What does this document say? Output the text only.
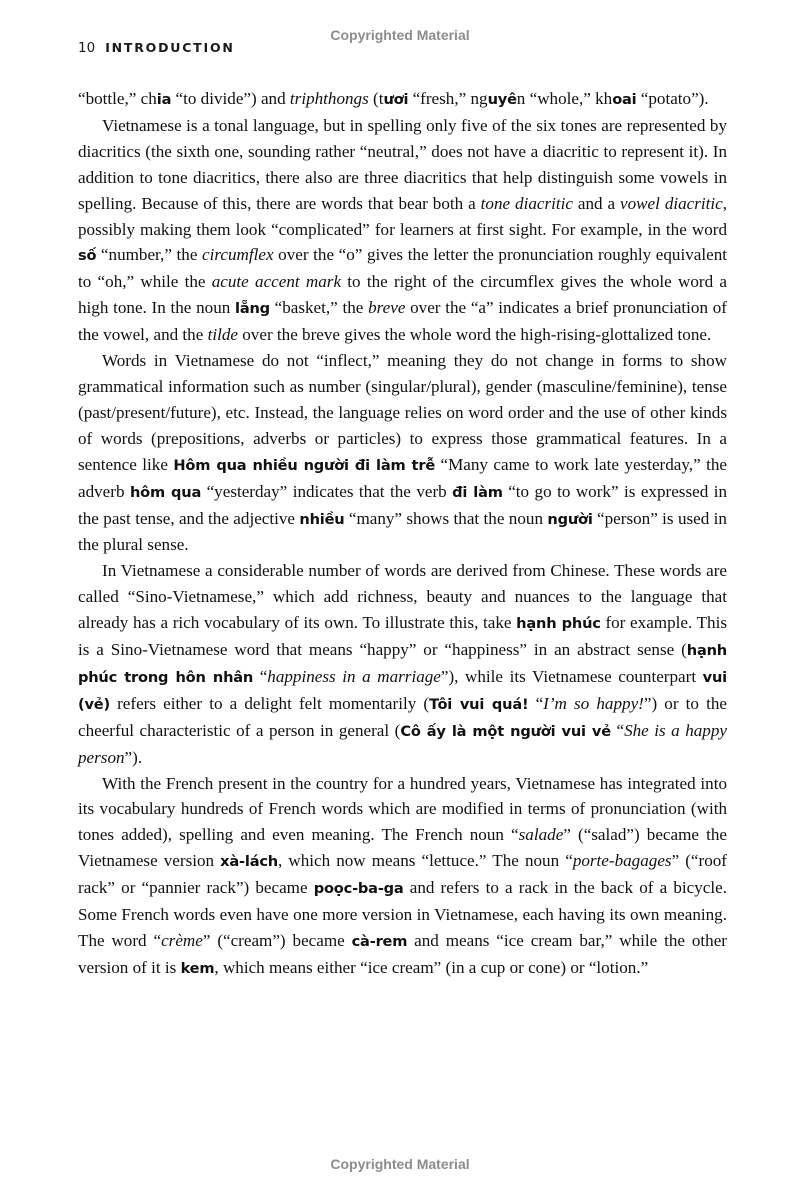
Copyrighted Material
10 INTRODUCTION

“bottle,” chia “to divide”) and triphthongs (tươi “fresh,” nguyên “whole,” khoai “potato”).

Vietnamese is a tonal language, but in spelling only five of the six tones are represented by diacritics (the sixth one, sounding rather “neutral,” does not have a diacritic to represent it). In addition to tone diacritics, there also are three diacritics that help distinguish some vowels in spelling. Because of this, there are words that bear both a tone diacritic and a vowel diacritic, possibly making them look “complicated” for learners at first sight. For example, in the word số “number,” the circumflex over the “o” gives the letter the pronunciation roughly equivalent to “oh,” while the acute accent mark to the right of the circumflex gives the whole word a high tone. In the noun lẵng “basket,” the breve over the “a” indicates a brief pronunciation of the vowel, and the tilde over the breve gives the whole word the high-rising-glottalized tone.

Words in Vietnamese do not “inflect,” meaning they do not change in forms to show grammatical information such as number (singular/plural), gender (masculine/feminine), tense (past/present/future), etc. Instead, the language relies on word order and the use of other kinds of words (prepositions, adverbs or particles) to express those grammatical features. In a sentence like Hôm qua nhiều người đi làm trễ “Many came to work late yesterday,” the adverb hôm qua “yesterday” indicates that the verb đi làm “to go to work” is expressed in the past tense, and the adjective nhiều “many” shows that the noun người “person” is used in the plural sense.

In Vietnamese a considerable number of words are derived from Chinese. These words are called “Sino-Vietnamese,” which add richness, beauty and nuances to the language that already has a rich vocabulary of its own. To illustrate this, take hạnh phúc for example. This is a Sino-Vietnamese word that means “happy” or “happiness” in an abstract sense (hạnh phúc trong hôn nhân “happiness in a marriage”), while its Vietnamese counterpart vui (vẻ) refers either to a delight felt momentarily (Tôi vui quá! “I’m so happy!”) or to the cheerful characteristic of a person in general (Cô ấy là một người vui vẻ “She is a happy person”).

With the French present in the country for a hundred years, Vietnamese has integrated into its vocabulary hundreds of French words which are modified in terms of pronunciation (with tones added), spelling and even meaning. The French noun “salade” (“salad”) became the Vietnamese version xà-lách, which now means “lettuce.” The noun “porte-bagages” (“roof rack” or “pannier rack”) became poọc-ba-ga and refers to a rack in the back of a bicycle. Some French words even have one more version in Vietnamese, each having its own meaning. The word “crème” (“cream”) became cà-rem and means “ice cream bar,” while the other version of it is kem, which means either “ice cream” (in a cup or cone) or “lotion.”

Copyrighted Material
